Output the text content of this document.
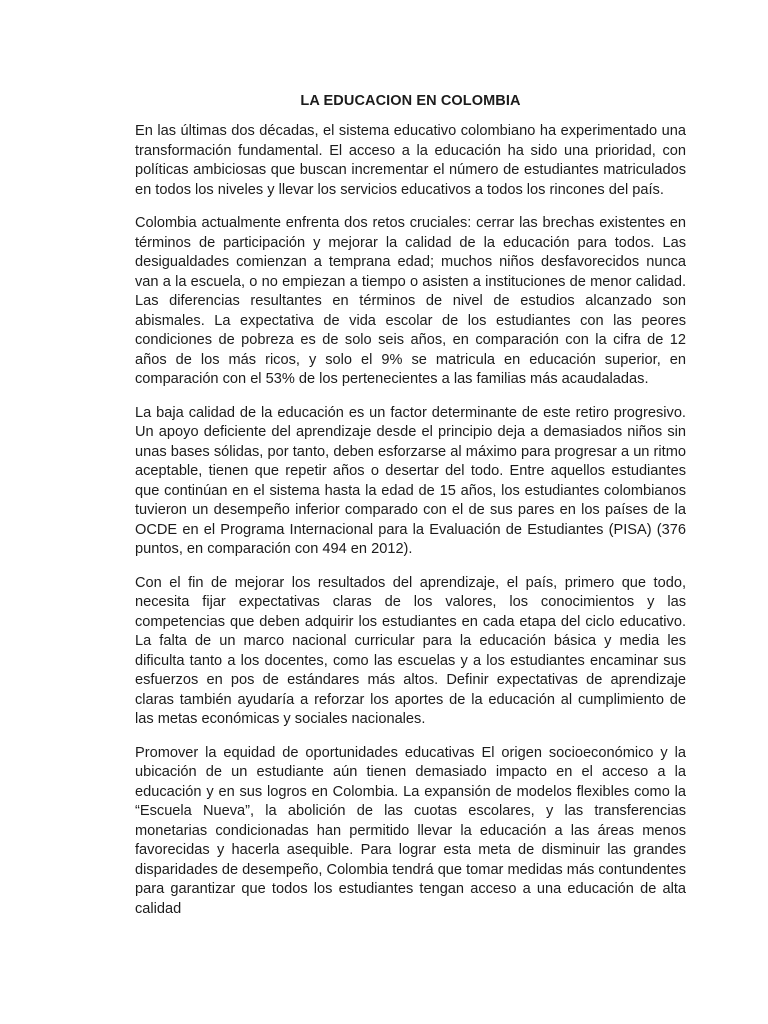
LA EDUCACION EN COLOMBIA

En las últimas dos décadas, el sistema educativo colombiano ha experimentado una transformación fundamental. El acceso a la educación ha sido una prioridad, con políticas ambiciosas que buscan incrementar el número de estudiantes matriculados en todos los niveles y llevar los servicios educativos a todos los rincones del país.

Colombia actualmente enfrenta dos retos cruciales: cerrar las brechas existentes en términos de participación y mejorar la calidad de la educación para todos. Las desigualdades comienzan a temprana edad; muchos niños desfavorecidos nunca van a la escuela, o no empiezan a tiempo o asisten a instituciones de menor calidad. Las diferencias resultantes en términos de nivel de estudios alcanzado son abismales. La expectativa de vida escolar de los estudiantes con las peores condiciones de pobreza es de solo seis años, en comparación con la cifra de 12 años de los más ricos, y solo el 9% se matricula en educación superior, en comparación con el 53% de los pertenecientes a las familias más acaudaladas.

La baja calidad de la educación es un factor determinante de este retiro progresivo. Un apoyo deficiente del aprendizaje desde el principio deja a demasiados niños sin unas bases sólidas, por tanto, deben esforzarse al máximo para progresar a un ritmo aceptable, tienen que repetir años o desertar del todo. Entre aquellos estudiantes que continúan en el sistema hasta la edad de 15 años, los estudiantes colombianos tuvieron un desempeño inferior comparado con el de sus pares en los países de la OCDE en el Programa Internacional para la Evaluación de Estudiantes (PISA) (376 puntos, en comparación con 494 en 2012).

Con el fin de mejorar los resultados del aprendizaje, el país, primero que todo, necesita fijar expectativas claras de los valores, los conocimientos y las competencias que deben adquirir los estudiantes en cada etapa del ciclo educativo. La falta de un marco nacional curricular para la educación básica y media les dificulta tanto a los docentes, como las escuelas y a los estudiantes encaminar sus esfuerzos en pos de estándares más altos. Definir expectativas de aprendizaje claras también ayudaría a reforzar los aportes de la educación al cumplimiento de las metas económicas y sociales nacionales.

Promover la equidad de oportunidades educativas El origen socioeconómico y la ubicación de un estudiante aún tienen demasiado impacto en el acceso a la educación y en sus logros en Colombia. La expansión de modelos flexibles como la “Escuela Nueva”, la abolición de las cuotas escolares, y las transferencias monetarias condicionadas han permitido llevar la educación a las áreas menos favorecidas y hacerla asequible. Para lograr esta meta de disminuir las grandes disparidades de desempeño, Colombia tendrá que tomar medidas más contundentes para garantizar que todos los estudiantes tengan acceso a una educación de alta calidad
